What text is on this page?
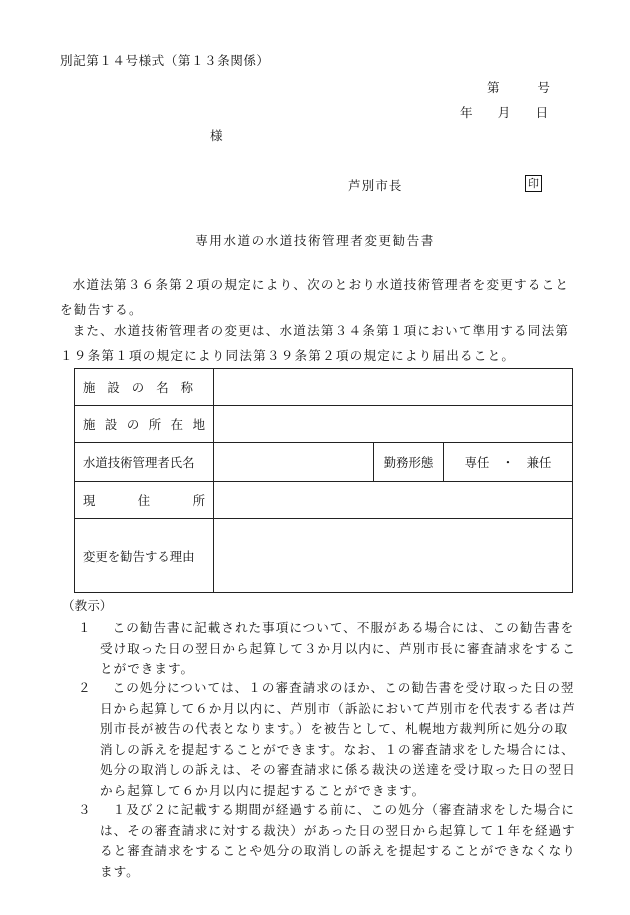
別記第１４号様式（第１３条関係）
第　　　号
年　　月　　日
様
芦別市長	印
専用水道の水道技術管理者変更勧告書
水道法第３６条第２項の規定により、次のとおり水道技術管理者を変更することを勧告する。
また、水道技術管理者の変更は、水道法第３４条第１項において準用する同法第１９条第１項の規定により同法第３９条第２項の規定により届出ること。
施設の名称			
施設の所在地			
水道技術管理者氏名		勤務形態	専任　・　兼任
現住所			
変更を勧告する理由			
（教示）
１	この勧告書に記載された事項について、不服がある場合には、この勧告書を受け取った日の翌日から起算して３か月以内に、芦別市長に審査請求をすることができます。
２	この処分については、１の審査請求のほか、この勧告書を受け取った日の翌日から起算して６か月以内に、芦別市（訴訟において芦別市を代表する者は芦別市長が被告の代表となります。）を被告として、札幌地方裁判所に処分の取消しの訴えを提起することができます。なお、１の審査請求をした場合には、処分の取消しの訴えは、その審査請求に係る裁決の送達を受け取った日の翌日から起算して６か月以内に提起することができます。
３	１及び２に記載する期間が経過する前に、この処分（審査請求をした場合には、その審査請求に対する裁決）があった日の翌日から起算して１年を経過すると審査請求をすることや処分の取消しの訴えを提起することができなくなります。
